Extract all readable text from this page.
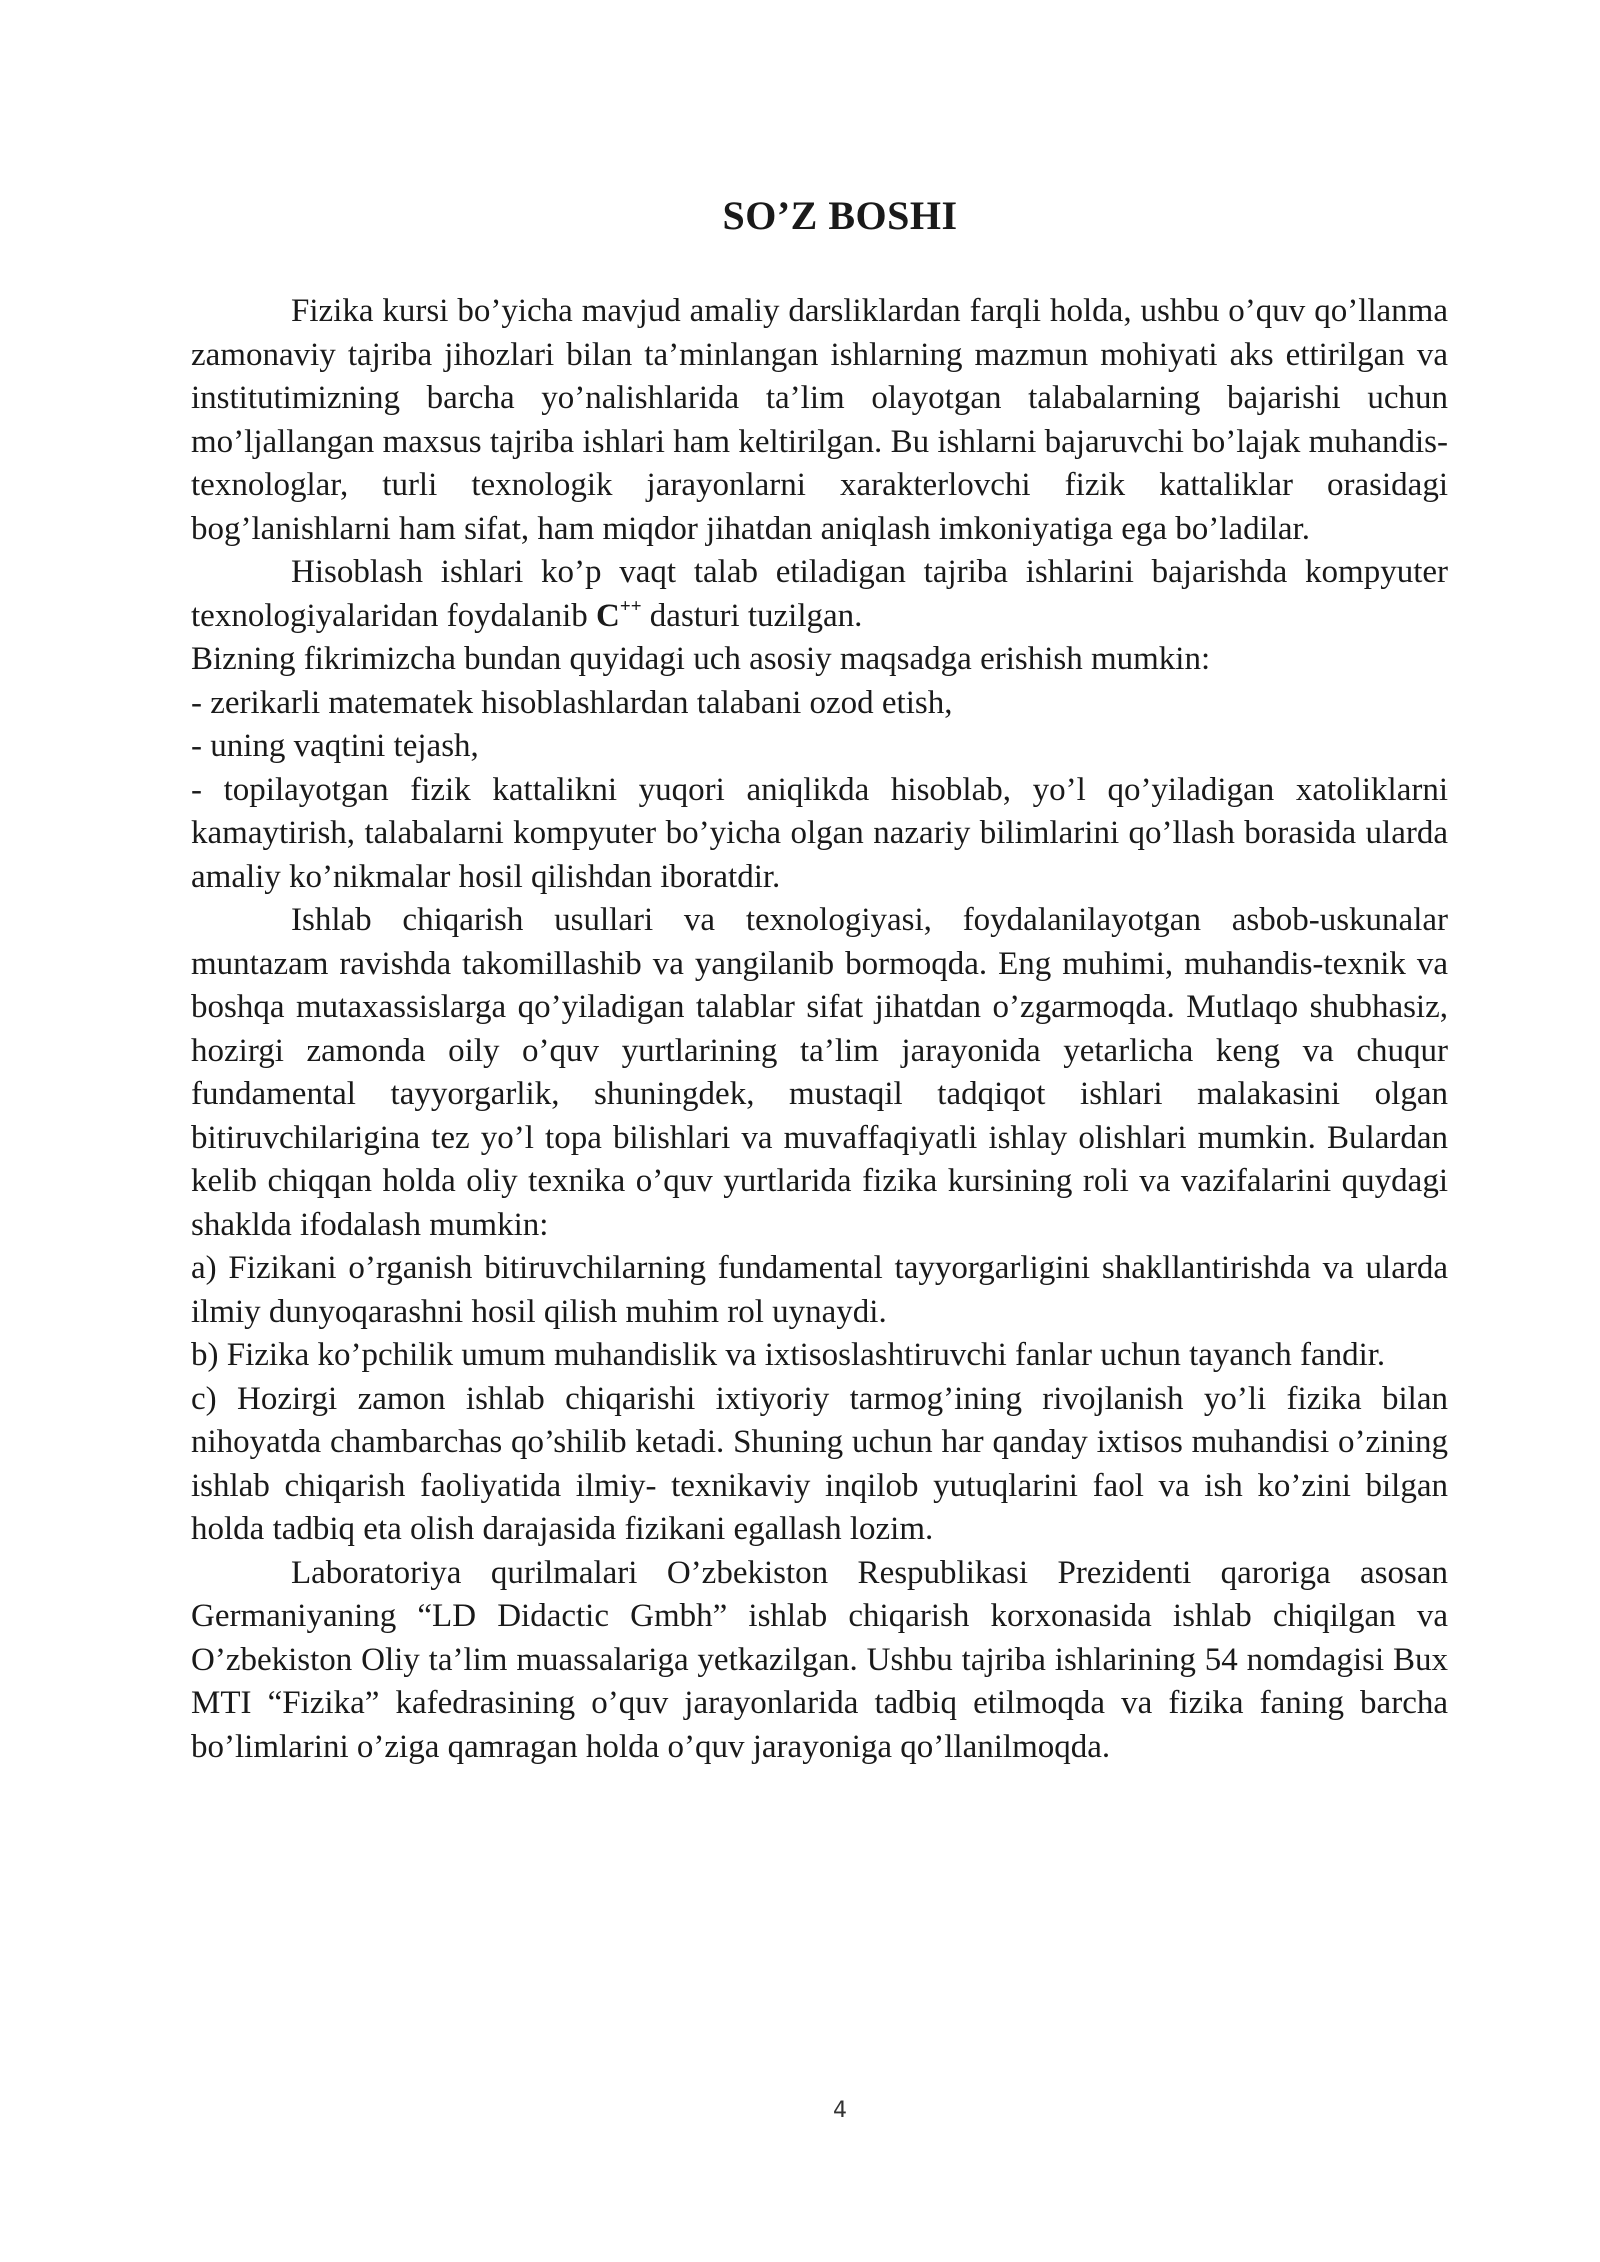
SO’Z BOSHI

Fizika kursi bo’yicha mavjud amaliy darsliklardan farqli holda, ushbu o’quv qo’llanma zamonaviy tajriba jihozlari bilan ta’minlangan ishlarning mazmun mohiyati aks ettirilgan va institutimizning barcha yo’nalishlarida ta’lim olayotgan talabalarning bajarishi uchun mo’ljallangan maxsus tajriba ishlari ham keltirilgan. Bu ishlarni bajaruvchi bo’lajak muhandis-texnologlar, turli texnologik jarayonlarni xarakterlovchi fizik kattaliklar orasidagi bog’lanishlarni ham sifat, ham miqdor jihatdan aniqlash imkoniyatiga ega bo’ladilar.

Hisoblash ishlari ko’p vaqt talab etiladigan tajriba ishlarini bajarishda kompyuter texnologiyalaridan foydalanib C++ dasturi tuzilgan.

Bizning fikrimizcha bundan quyidagi uch asosiy maqsadga erishish mumkin:

- zerikarli matematek hisoblashlardan talabani ozod etish,

- uning vaqtini tejash,

- topilayotgan fizik kattalikni yuqori aniqlikda hisoblab, yo’l qo’yiladigan xatoliklarni kamaytirish, talabalarni kompyuter bo’yicha olgan nazariy bilimlarini qo’llash borasida ularda amaliy ko’nikmalar hosil qilishdan iboratdir.

Ishlab chiqarish usullari va texnologiyasi, foydalanilayotgan asbob-uskunalar muntazam ravishda takomillashib va yangilanib bormoqda. Eng muhimi, muhandis-texnik va boshqa mutaxassislarga qo’yiladigan talablar sifat jihatdan o’zgarmoqda. Mutlaqo shubhasiz, hozirgi zamonda oily o’quv yurtlarining ta’lim jarayonida yetarlicha keng va chuqur fundamental tayyorgarlik, shuningdek, mustaqil tadqiqot ishlari malakasini olgan bitiruvchilarigina tez yo’l topa bilishlari va muvaffaqiyatli ishlay olishlari mumkin. Bulardan kelib chiqqan holda oliy texnika o’quv yurtlarida fizika kursining roli va vazifalarini quydagi shaklda ifodalash mumkin:

a) Fizikani o’rganish bitiruvchilarning fundamental tayyorgarligini shakllantirishda va ularda ilmiy dunyoqarashni hosil qilish muhim rol uynaydi.

b) Fizika ko’pchilik umum muhandislik va ixtisoslashtiruvchi fanlar uchun tayanch fandir.

c) Hozirgi zamon ishlab chiqarishi ixtiyoriy tarmog’ining rivojlanish yo’li fizika bilan nihoyatda chambarchas qo’shilib ketadi. Shuning uchun har qanday ixtisos muhandisi o’zining ishlab chiqarish faoliyatida ilmiy- texnikaviy inqilob yutuqlarini faol va ish ko’zini bilgan holda tadbiq eta olish darajasida fizikani egallash lozim.

Laboratoriya qurilmalari O’zbekiston Respublikasi Prezidenti qaroriga asosan Germaniyaning “LD Didactic Gmbh” ishlab chiqarish korxonasida ishlab chiqilgan va O’zbekiston Oliy ta’lim muassalariga yetkazilgan. Ushbu tajriba ishlarining 54 nomdagisi Bux MTI “Fizika” kafedrasining o’quv jarayonlarida tadbiq etilmoqda va fizika faning barcha bo’limlarini o’ziga qamragan holda o’quv jarayoniga qo’llanilmoqda.

4
